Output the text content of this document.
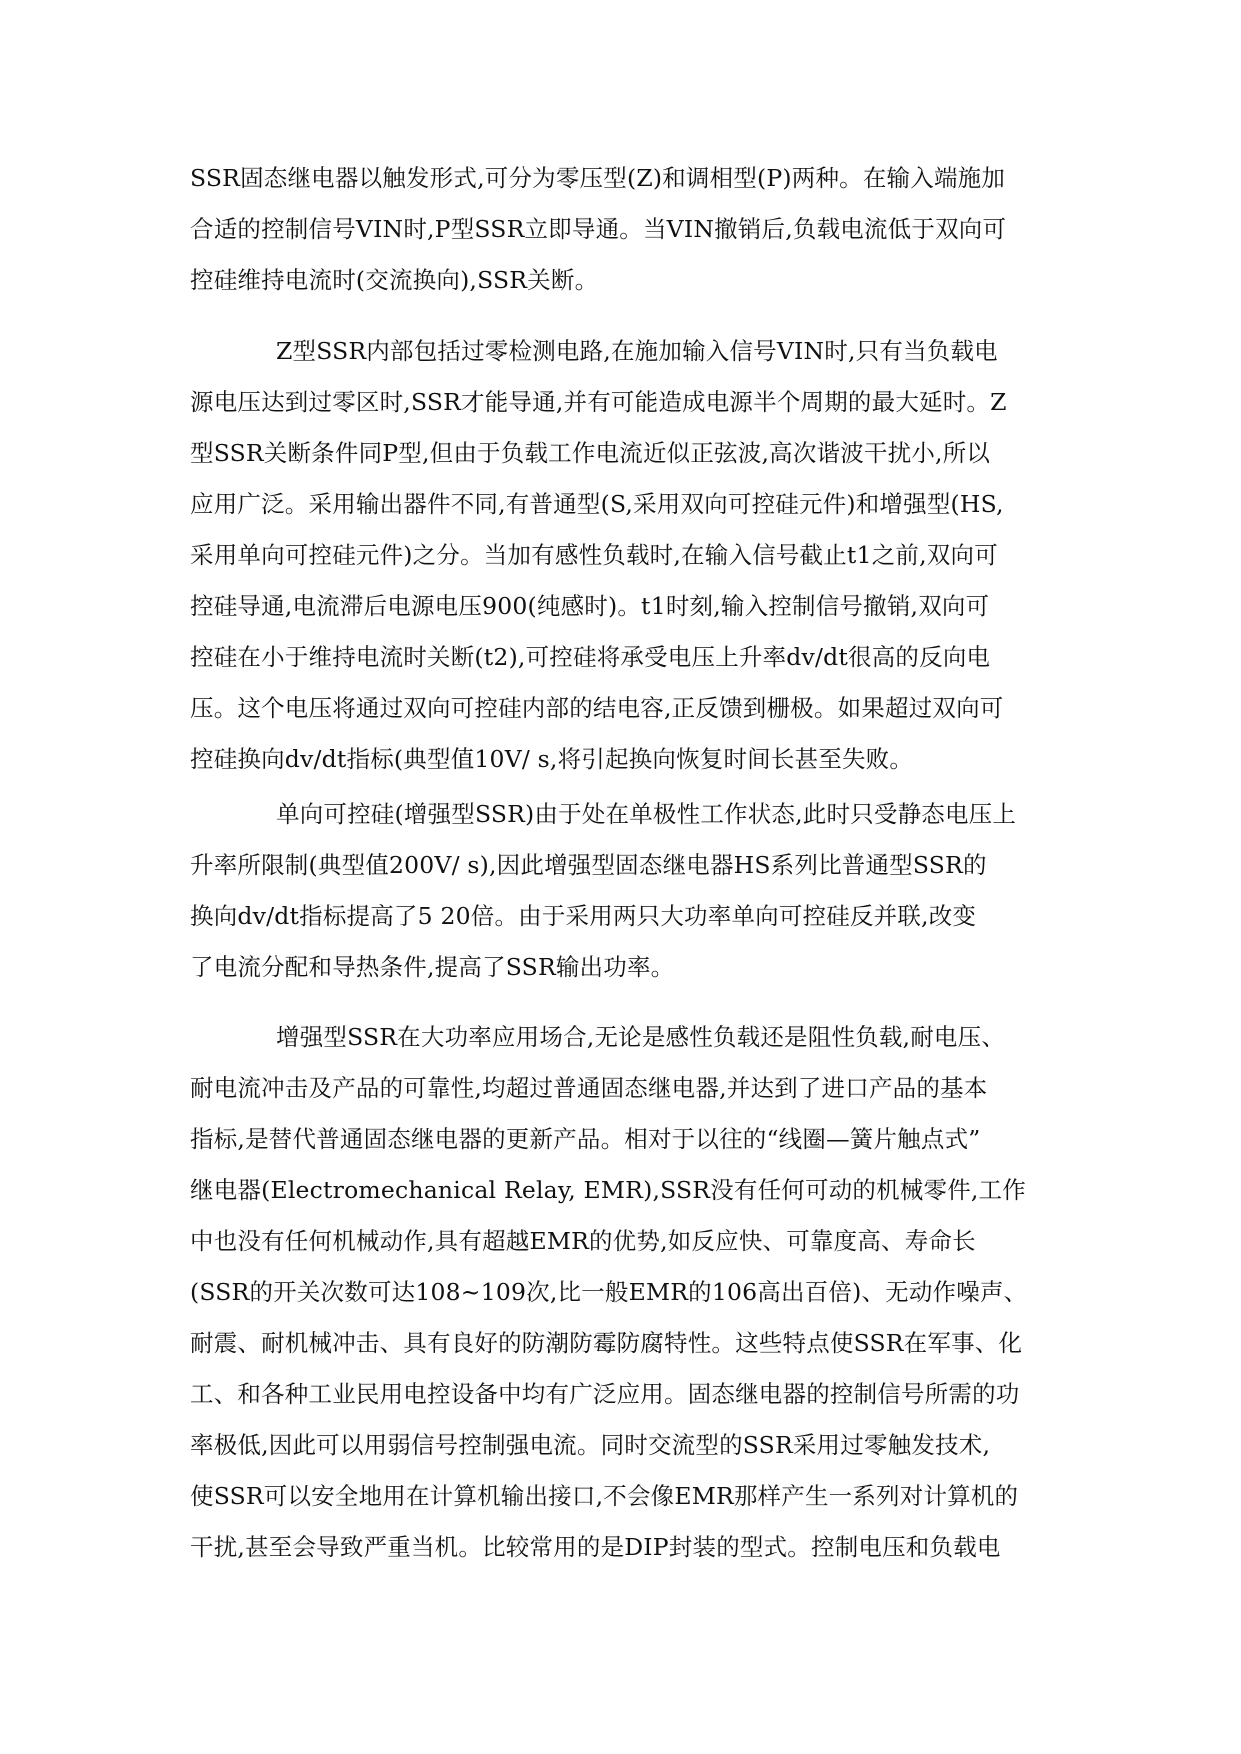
SSR固态继电器以触发形式,可分为零压型(Z)和调相型(P)两种。在输入端施加
合适的控制信号VIN时,P型SSR立即导通。当VIN撤销后,负载电流低于双向可
控硅维持电流时(交流换向),SSR关断。
Z型SSR内部包括过零检测电路,在施加输入信号VIN时,只有当负载电
源电压达到过零区时,SSR才能导通,并有可能造成电源半个周期的最大延时。Z
型SSR关断条件同P型,但由于负载工作电流近似正弦波,高次谐波干扰小,所以
应用广泛。采用输出器件不同,有普通型(S,采用双向可控硅元件)和增强型(HS,
采用单向可控硅元件)之分。当加有感性负载时,在输入信号截止t1之前,双向可
控硅导通,电流滞后电源电压900(纯感时)。t1时刻,输入控制信号撤销,双向可
控硅在小于维持电流时关断(t2),可控硅将承受电压上升率dv/dt很高的反向电
压。这个电压将通过双向可控硅内部的结电容,正反馈到栅极。如果超过双向可
控硅换向dv/dt指标(典型值10V/ s,将引起换向恢复时间长甚至失败。
单向可控硅(增强型SSR)由于处在单极性工作状态,此时只受静态电压上
升率所限制(典型值200V/ s),因此增强型固态继电器HS系列比普通型SSR的
换向dv/dt指标提高了5 20倍。由于采用两只大功率单向可控硅反并联,改变
了电流分配和导热条件,提高了SSR输出功率。
增强型SSR在大功率应用场合,无论是感性负载还是阻性负载,耐电压、
耐电流冲击及产品的可靠性,均超过普通固态继电器,并达到了进口产品的基本
指标,是替代普通固态继电器的更新产品。相对于以往的“线圈—簧片触点式”
继电器(Electromechanical Relay, EMR),SSR没有任何可动的机械零件,工作
中也没有任何机械动作,具有超越EMR的优势,如反应快、可靠度高、寿命长
(SSR的开关次数可达108~109次,比一般EMR的106高出百倍)、无动作噪声、
耐震、耐机械冲击、具有良好的防潮防霉防腐特性。这些特点使SSR在军事、化
工、和各种工业民用电控设备中均有广泛应用。固态继电器的控制信号所需的功
率极低,因此可以用弱信号控制强电流。同时交流型的SSR采用过零触发技术,
使SSR可以安全地用在计算机输出接口,不会像EMR那样产生一系列对计算机的
干扰,甚至会导致严重当机。比较常用的是DIP封装的型式。控制电压和负载电
